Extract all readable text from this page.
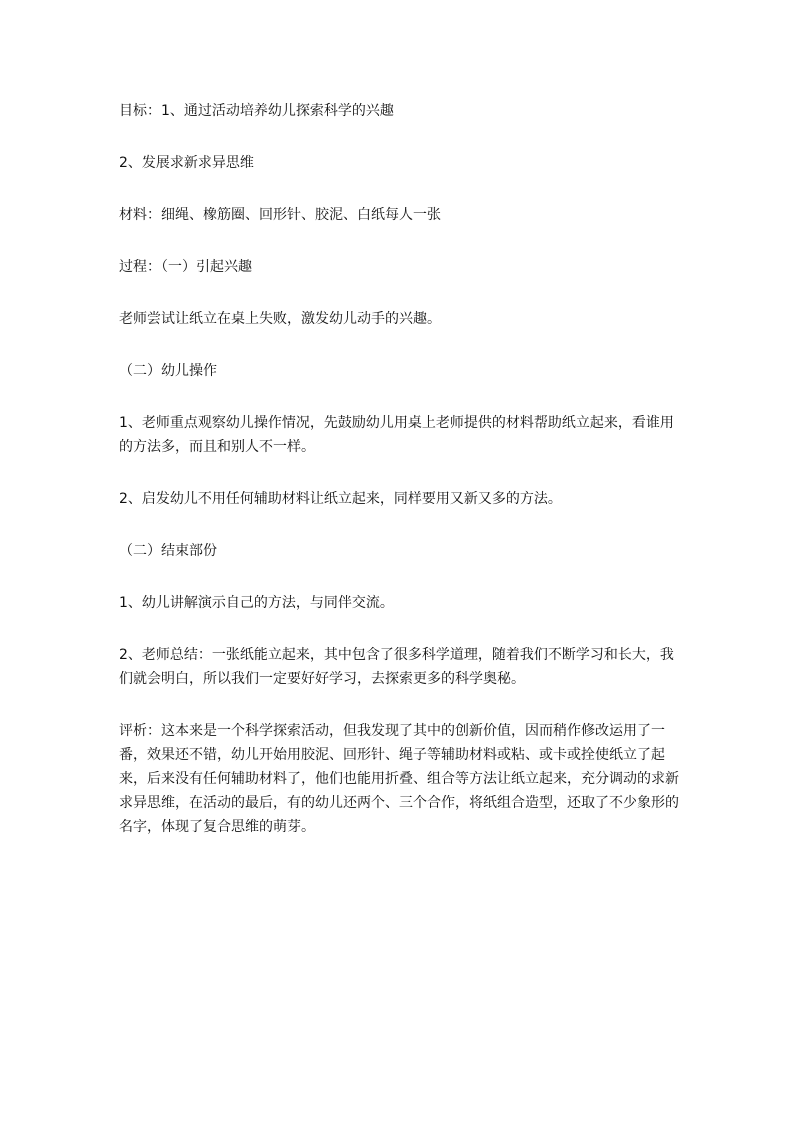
目标：1、通过活动培养幼儿探索科学的兴趣

2、发展求新求异思维

材料：细绳、橡筋圈、回形针、胶泥、白纸每人一张

过程：（一）引起兴趣

老师尝试让纸立在桌上失败，激发幼儿动手的兴趣。

（二）幼儿操作

1、老师重点观察幼儿操作情况，先鼓励幼儿用桌上老师提供的材料帮助纸立起来，看谁用的方法多，而且和别人不一样。

2、启发幼儿不用任何辅助材料让纸立起来，同样要用又新又多的方法。

（二）结束部份

1、幼儿讲解演示自己的方法，与同伴交流。

2、老师总结：一张纸能立起来，其中包含了很多科学道理，随着我们不断学习和长大，我们就会明白，所以我们一定要好好学习，去探索更多的科学奥秘。

评析：这本来是一个科学探索活动，但我发现了其中的创新价值，因而稍作修改运用了一番，效果还不错，幼儿开始用胶泥、回形针、绳子等辅助材料或粘、或卡或拴使纸立了起来，后来没有任何辅助材料了，他们也能用折叠、组合等方法让纸立起来，充分调动的求新求异思维，在活动的最后，有的幼儿还两个、三个合作，将纸组合造型，还取了不少象形的名字，体现了复合思维的萌芽。
